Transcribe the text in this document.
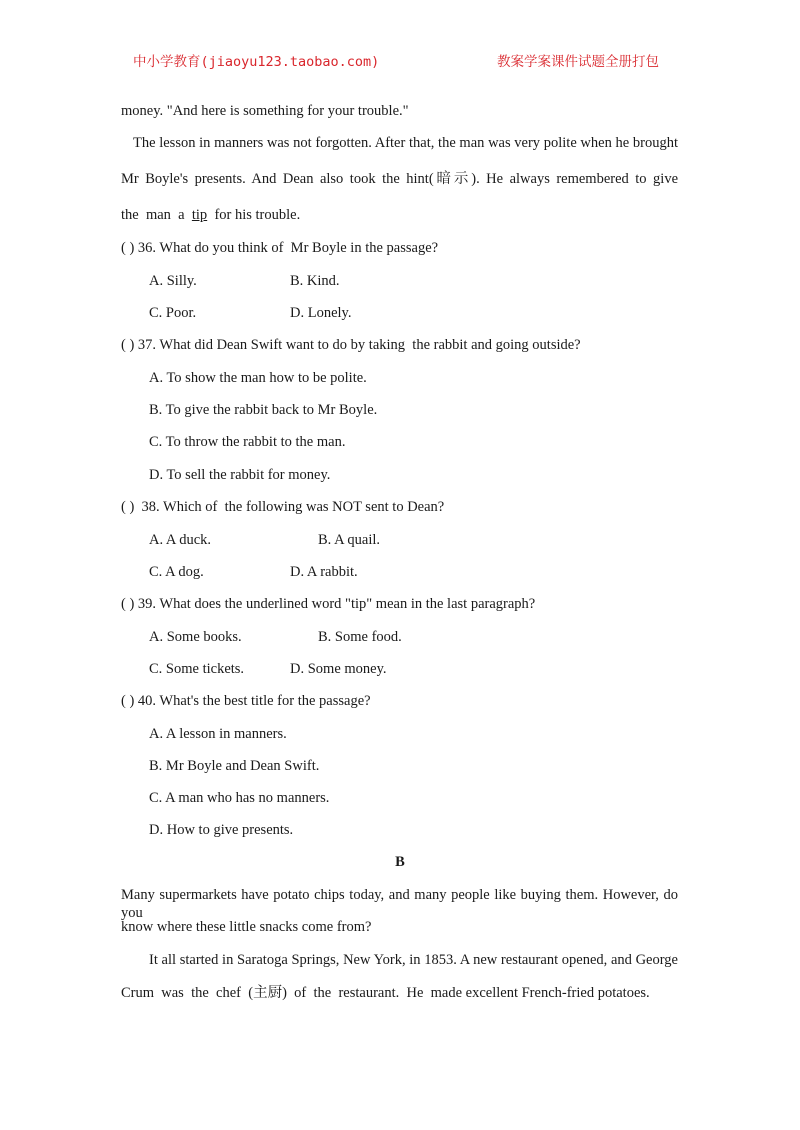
中小学教育(jiaoyu123.taobao.com)	教案学案课件试题全册打包
money. "And here is something for your trouble."
The lesson in manners was not forgotten. After that, the man was very polite when he brought
Mr Boyle's presents. And Dean also took the hint(暗示). He always remembered to give
the  man  a  tip  for his trouble.
( ) 36. What do you think of  Mr Boyle in the passage?
A. Silly.	B. Kind.
C. Poor.	D. Lonely.
( ) 37. What did Dean Swift want to do by taking  the rabbit and going outside?
A. To show the man how to be polite.
B. To give the rabbit back to Mr Boyle.
C. To throw the rabbit to the man.
D. To sell the rabbit for money.
( )  38. Which of  the following was NOT sent to Dean?
A. A duck.	B. A quail.
C. A dog.	D. A rabbit.
( ) 39. What does the underlined word "tip" mean in the last paragraph?
A. Some books.	B. Some food.
C. Some tickets.	D. Some money.
( ) 40. What's the best title for the passage?
A. A lesson in manners.
B. Mr Boyle and Dean Swift.
C. A man who has no manners.
D. How to give presents.
B
Many supermarkets have potato chips today, and many people like buying them. However, do you
know where these little snacks come from?
It all started in Saratoga Springs, New York, in 1853. A new restaurant opened, and George
Crum  was  the  chef  (主厨)  of  the  restaurant.  He  made excellent French-fried potatoes.
